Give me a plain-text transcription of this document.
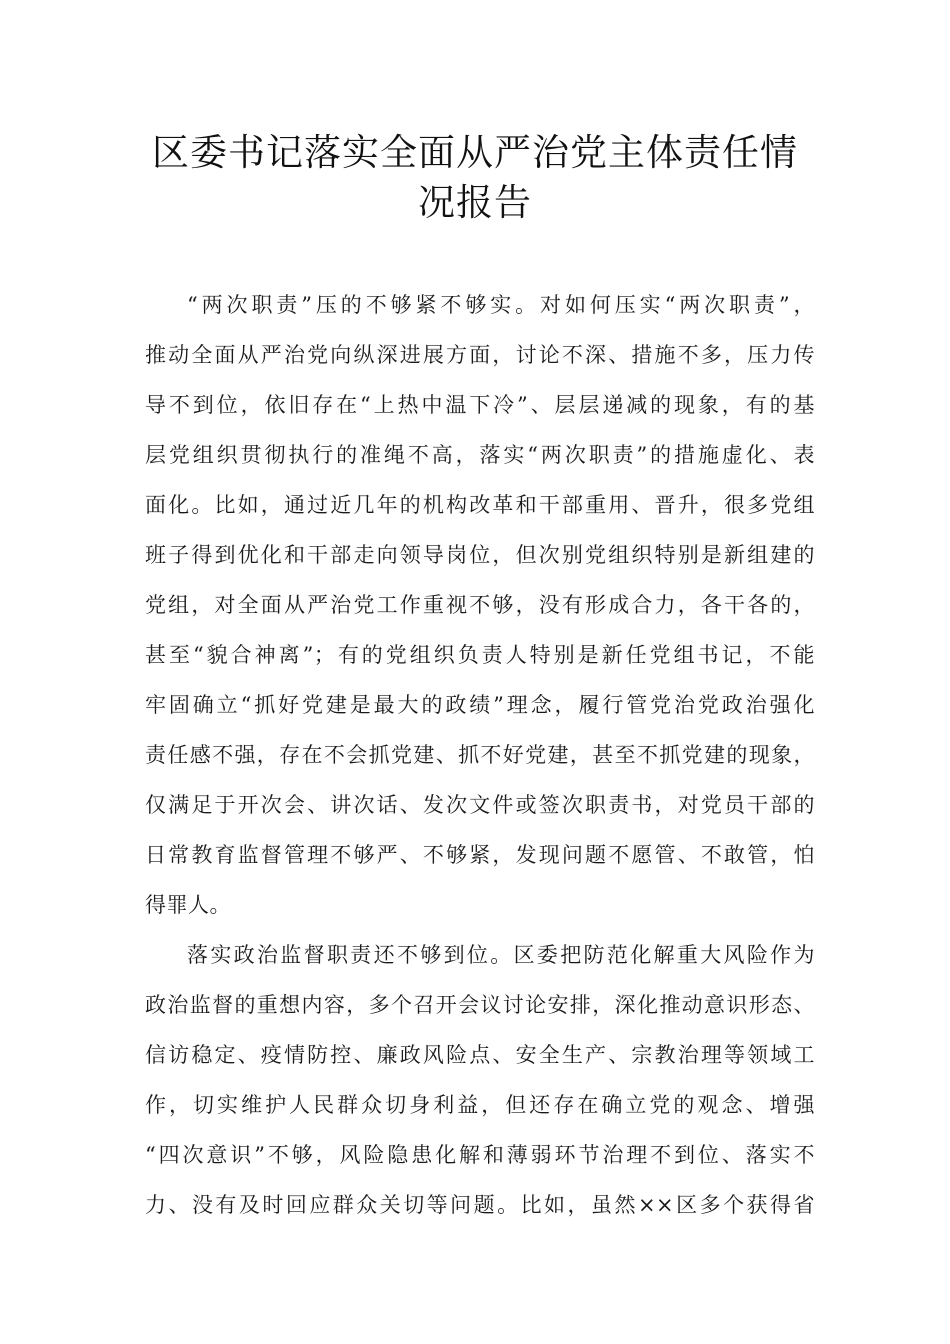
区委书记落实全面从严治党主体责任情
况报告
“两次职责”压的不够紧不够实。对如何压实“两次职责”，
推动全面从严治党向纵深进展方面，讨论不深、措施不多，压力传
导不到位，依旧存在“上热中温下冷”、层层递减的现象，有的基
层党组织贯彻执行的准绳不高，落实“两次职责”的措施虚化、表
面化。比如，通过近几年的机构改革和干部重用、晋升，很多党组
班子得到优化和干部走向领导岗位，但次别党组织特别是新组建的
党组，对全面从严治党工作重视不够，没有形成合力，各干各的，
甚至“貌合神离”；有的党组织负责人特别是新任党组书记，不能
牢固确立“抓好党建是最大的政绩”理念，履行管党治党政治强化
责任感不强，存在不会抓党建、抓不好党建，甚至不抓党建的现象，
仅满足于开次会、讲次话、发次文件或签次职责书，对党员干部的
日常教育监督管理不够严、不够紧，发现问题不愿管、不敢管，怕
得罪人。
落实政治监督职责还不够到位。区委把防范化解重大风险作为
政治监督的重想内容，多个召开会议讨论安排，深化推动意识形态、
信访稳定、疫情防控、廉政风险点、安全生产、宗教治理等领域工
作，切实维护人民群众切身利益，但还存在确立党的观念、增强
“四次意识”不够，风险隐患化解和薄弱环节治理不到位、落实不
力、没有及时回应群众关切等问题。比如，虽然××区多个获得省
